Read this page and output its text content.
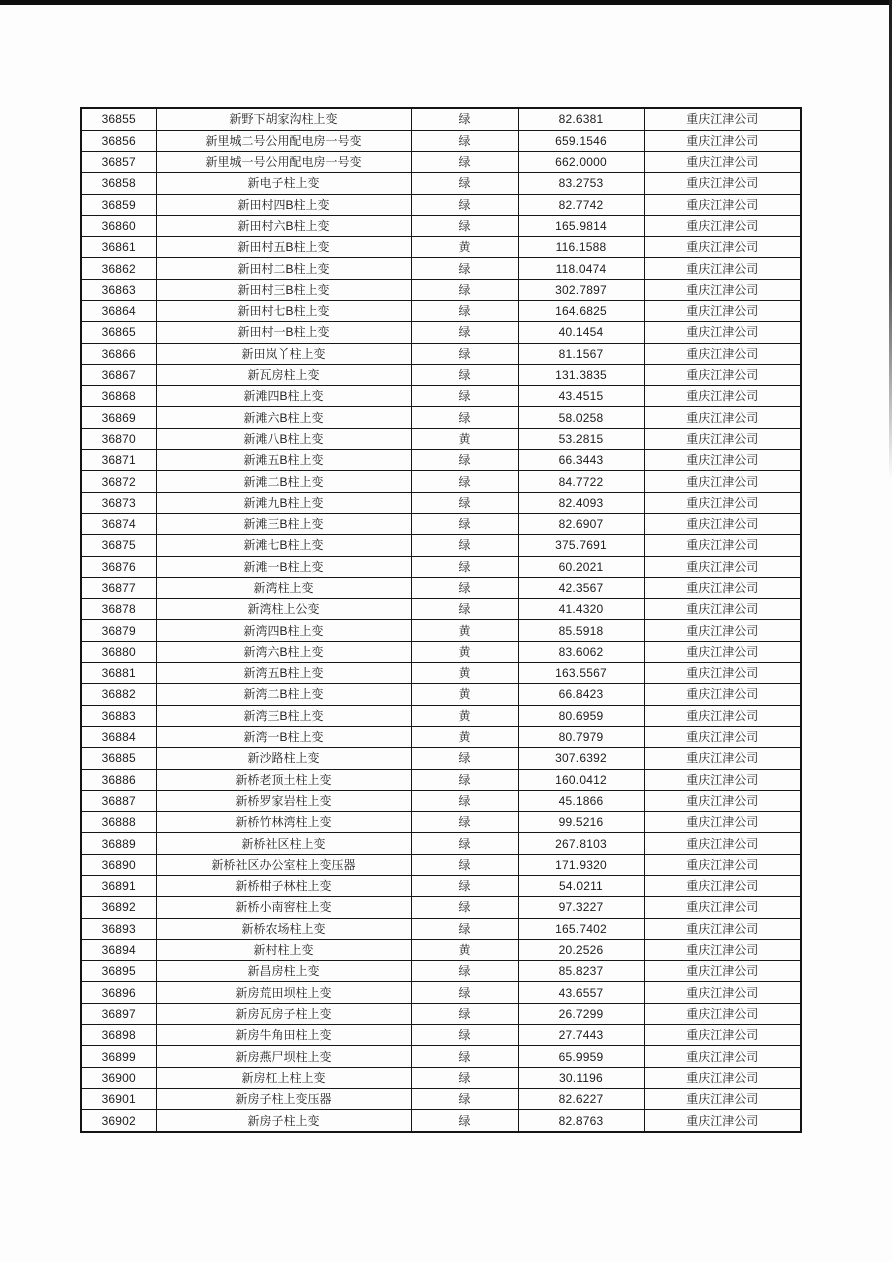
36855	新野下胡家沟柱上变	绿	82.6381	重庆江津公司
36856	新里城二号公用配电房一号变	绿	659.1546	重庆江津公司
36857	新里城一号公用配电房一号变	绿	662.0000	重庆江津公司
36858	新电子柱上变	绿	83.2753	重庆江津公司
36859	新田村四B柱上变	绿	82.7742	重庆江津公司
36860	新田村六B柱上变	绿	165.9814	重庆江津公司
36861	新田村五B柱上变	黄	116.1588	重庆江津公司
36862	新田村二B柱上变	绿	118.0474	重庆江津公司
36863	新田村三B柱上变	绿	302.7897	重庆江津公司
36864	新田村七B柱上变	绿	164.6825	重庆江津公司
36865	新田村一B柱上变	绿	40.1454	重庆江津公司
36866	新田岚丫柱上变	绿	81.1567	重庆江津公司
36867	新瓦房柱上变	绿	131.3835	重庆江津公司
36868	新滩四B柱上变	绿	43.4515	重庆江津公司
36869	新滩六B柱上变	绿	58.0258	重庆江津公司
36870	新滩八B柱上变	黄	53.2815	重庆江津公司
36871	新滩五B柱上变	绿	66.3443	重庆江津公司
36872	新滩二B柱上变	绿	84.7722	重庆江津公司
36873	新滩九B柱上变	绿	82.4093	重庆江津公司
36874	新滩三B柱上变	绿	82.6907	重庆江津公司
36875	新滩七B柱上变	绿	375.7691	重庆江津公司
36876	新滩一B柱上变	绿	60.2021	重庆江津公司
36877	新湾柱上变	绿	42.3567	重庆江津公司
36878	新湾柱上公变	绿	41.4320	重庆江津公司
36879	新湾四B柱上变	黄	85.5918	重庆江津公司
36880	新湾六B柱上变	黄	83.6062	重庆江津公司
36881	新湾五B柱上变	黄	163.5567	重庆江津公司
36882	新湾二B柱上变	黄	66.8423	重庆江津公司
36883	新湾三B柱上变	黄	80.6959	重庆江津公司
36884	新湾一B柱上变	黄	80.7979	重庆江津公司
36885	新沙路柱上变	绿	307.6392	重庆江津公司
36886	新桥老顶土柱上变	绿	160.0412	重庆江津公司
36887	新桥罗家岩柱上变	绿	45.1866	重庆江津公司
36888	新桥竹林湾柱上变	绿	99.5216	重庆江津公司
36889	新桥社区柱上变	绿	267.8103	重庆江津公司
36890	新桥社区办公室柱上变压器	绿	171.9320	重庆江津公司
36891	新桥柑子林柱上变	绿	54.0211	重庆江津公司
36892	新桥小南窖柱上变	绿	97.3227	重庆江津公司
36893	新桥农场柱上变	绿	165.7402	重庆江津公司
36894	新村柱上变	黄	20.2526	重庆江津公司
36895	新昌房柱上变	绿	85.8237	重庆江津公司
36896	新房荒田坝柱上变	绿	43.6557	重庆江津公司
36897	新房瓦房子柱上变	绿	26.7299	重庆江津公司
36898	新房牛角田柱上变	绿	27.7443	重庆江津公司
36899	新房燕尸坝柱上变	绿	65.9959	重庆江津公司
36900	新房杠上柱上变	绿	30.1196	重庆江津公司
36901	新房子柱上变压器	绿	82.6227	重庆江津公司
36902	新房子柱上变	绿	82.8763	重庆江津公司
